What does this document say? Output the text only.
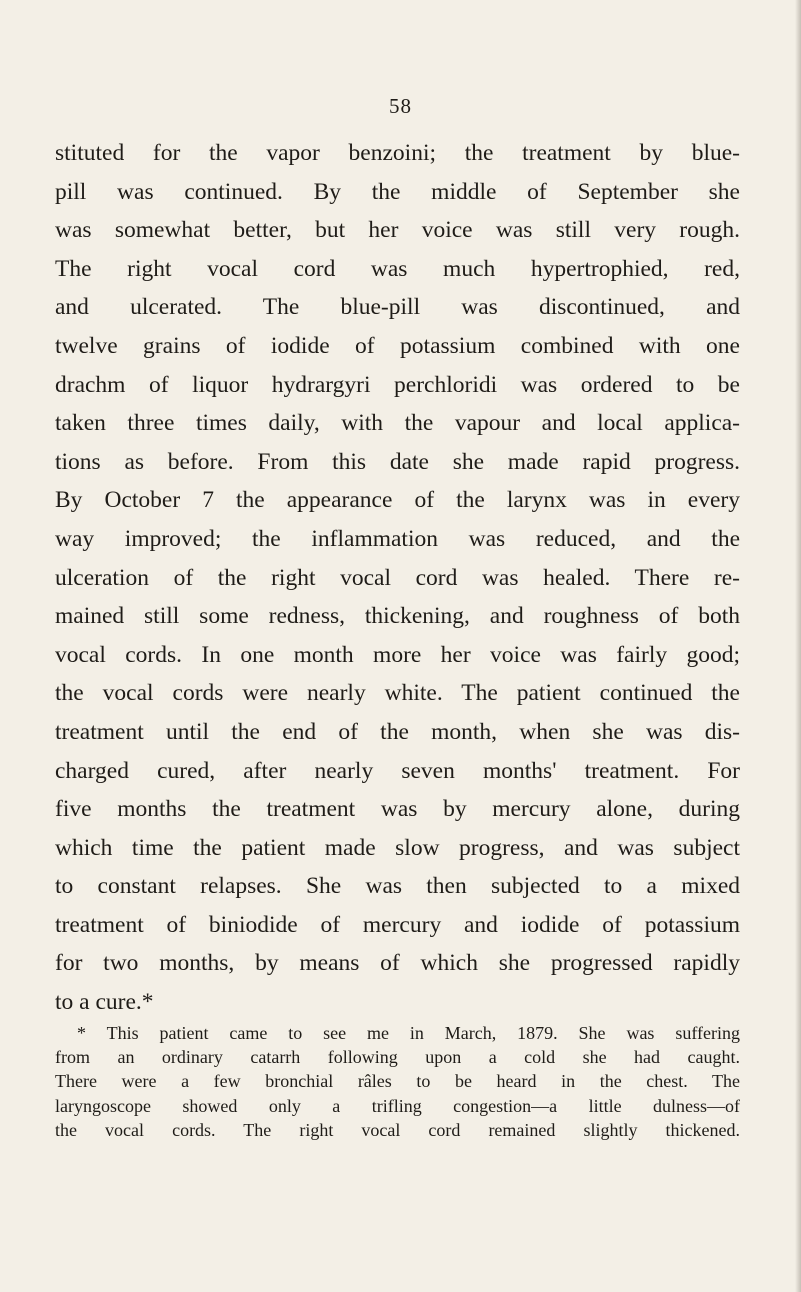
58
stituted for the vapor benzoini; the treatment by blue-
pill was continued. By the middle of September she
was somewhat better, but her voice was still very rough.
The right vocal cord was much hypertrophied, red,
and ulcerated. The blue-pill was discontinued, and
twelve grains of iodide of potassium combined with one
drachm of liquor hydrargyri perchloridi was ordered to be
taken three times daily, with the vapour and local applica-
tions as before. From this date she made rapid progress.
By October 7 the appearance of the larynx was in every
way improved; the inflammation was reduced, and the
ulceration of the right vocal cord was healed. There re-
mained still some redness, thickening, and roughness of both
vocal cords. In one month more her voice was fairly good;
the vocal cords were nearly white. The patient continued the
treatment until the end of the month, when she was dis-
charged cured, after nearly seven months' treatment. For
five months the treatment was by mercury alone, during
which time the patient made slow progress, and was subject
to constant relapses. She was then subjected to a mixed
treatment of biniodide of mercury and iodide of potassium
for two months, by means of which she progressed rapidly
to a cure.*
* This patient came to see me in March, 1879. She was suffering
from an ordinary catarrh following upon a cold she had caught.
There were a few bronchial râles to be heard in the chest. The
laryngoscope showed only a trifling congestion—a little dulness—of
the vocal cords. The right vocal cord remained slightly thickened.
